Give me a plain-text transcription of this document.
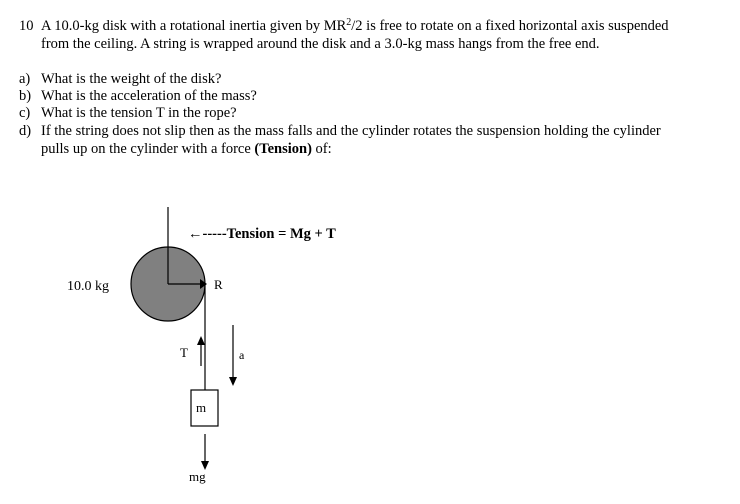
10 A 10.0-kg disk with a rotational inertia given by $MR^2/2$ is free to rotate on a fixed horizontal axis suspended
from the ceiling. A string is wrapped around the disk and a 3.0-kg mass hangs from the free end.
a) What is the weight of the disk?
b) What is the acceleration of the mass?
c) What is the tension T in the rope?
d) If the string does not slip then as the mass falls and the cylinder rotates the suspension holding the cylinder
pulls up on the cylinder with a force (Tension) of:
←-----Tension = Mg + T
10.0 kg	R
T	a
m
mg
